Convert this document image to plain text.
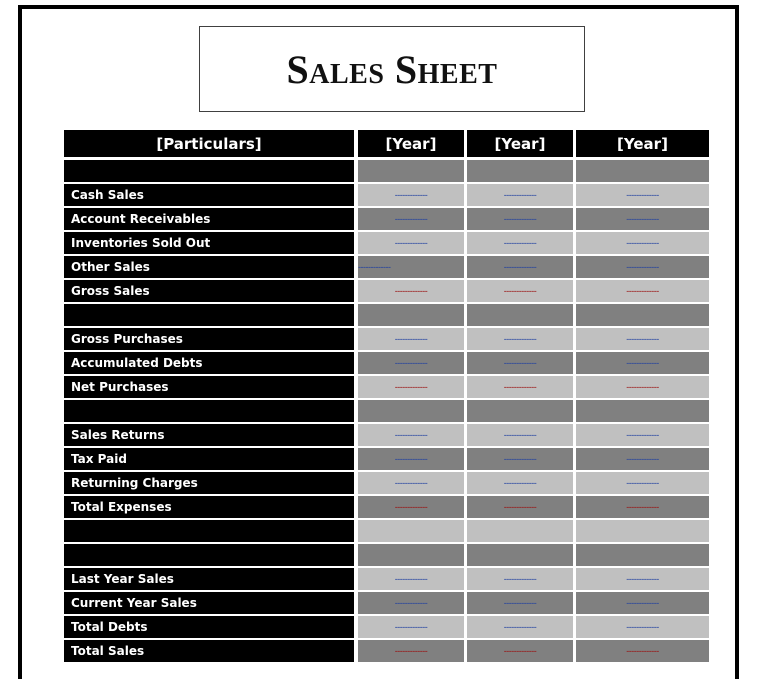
Sales Sheet
[Particulars]	[Year]	[Year]	[Year]
Cash Sales	-------------	-------------	-------------
Account Receivables	-------------	-------------	-------------
Inventories Sold Out	-------------	-------------	-------------
Other Sales	-------------	-------------	-------------
Gross Sales	-------------	-------------	-------------
Gross Purchases	-------------	-------------	-------------
Accumulated Debts	-------------	-------------	-------------
Net Purchases	-------------	-------------	-------------
Sales Returns	-------------	-------------	-------------
Tax Paid	-------------	-------------	-------------
Returning Charges	-------------	-------------	-------------
Total Expenses	-------------	-------------	-------------
Last Year Sales	-------------	-------------	-------------
Current Year Sales	-------------	-------------	-------------
Total Debts	-------------	-------------	-------------
Total Sales	-------------	-------------	-------------
